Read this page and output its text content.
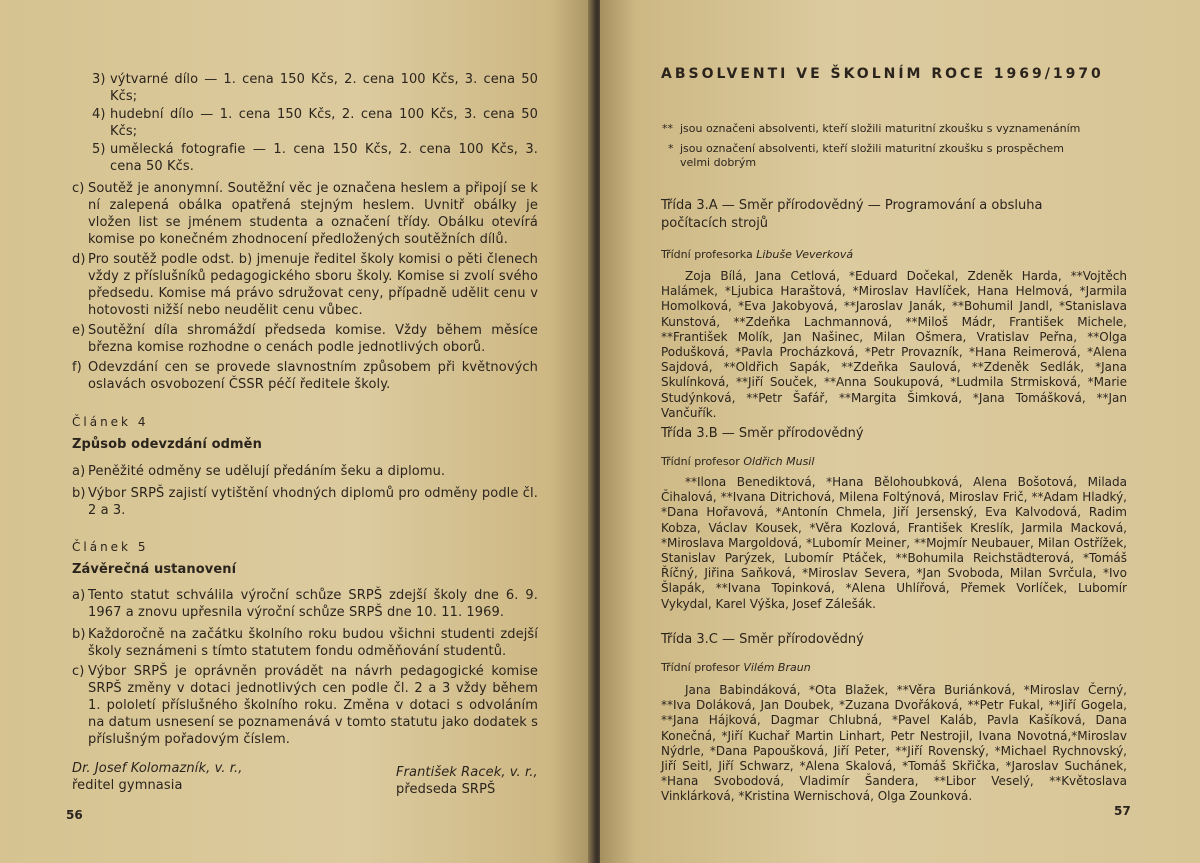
3) výtvarné dílo — 1. cena 150 Kčs, 2. cena 100 Kčs, 3. cena 50 Kčs;
4) hudební dílo — 1. cena 150 Kčs, 2. cena 100 Kčs, 3. cena 50 Kčs;
5) umělecká fotografie — 1. cena 150 Kčs, 2. cena 100 Kčs, 3. cena 50 Kčs.
c) Soutěž je anonymní. Soutěžní věc je označena heslem a připojí se k ní zalepená obálka opatřená stejným heslem. Uvnitř obálky je vložen list se jménem studenta a označení třídy. Obálku otevírá komise po konečném zhodnocení předložených soutěžních dílů.
d) Pro soutěž podle odst. b) jmenuje ředitel školy komisi o pěti členech vždy z příslušníků pedagogického sboru školy. Komise si zvolí svého předsedu. Komise má právo sdružovat ceny, případně udělit cenu v hotovosti nižší nebo neudělit cenu vůbec.
e) Soutěžní díla shromáždí předseda komise. Vždy během měsíce března komise rozhodne o cenách podle jednotlivých oborů.
f) Odevzdání cen se provede slavnostním způsobem při květnových oslavách osvobození ČSSR péčí ředitele školy.
Článek 4
Způsob odevzdání odměn
a) Peněžité odměny se udělují předáním šeku a diplomu.
b) Výbor SRPŠ zajistí vytištění vhodných diplomů pro odměny podle čl. 2 a 3.
Článek 5
Závěrečná ustanovení
a) Tento statut schválila výroční schůze SRPŠ zdejší školy dne 6. 9. 1967 a znovu upřesnila výroční schůze SRPŠ dne 10. 11. 1969.
b) Každoročně na začátku školního roku budou všichni studenti zdejší školy seznámeni s tímto statutem fondu odměňování studentů.
c) Výbor SRPŠ je oprávněn provádět na návrh pedagogické komise SRPŠ změny v dotaci jednotlivých cen podle čl. 2 a 3 vždy během 1. pololetí příslušného školního roku. Změna v dotaci s odvoláním na datum usnesení se poznamenává v tomto statutu jako dodatek s příslušným pořadovým číslem.
Dr. Josef Kolomazník, v. r.,
ředitel gymnasia
František Racek, v. r.,
předseda SRPŠ
56
ABSOLVENTI VE ŠKOLNÍM ROCE 1969/1970
** jsou označeni absolventi, kteří složili maturitní zkoušku s vyznamenáním
* jsou označení absolventi, kteří složili maturitní zkoušku s prospěchem velmi dobrým
Třída 3.A — Směr přírodovědný — Programování a obsluha počítacích strojů
Třídní profesorka Libuše Veverková
Zoja Bílá, Jana Cetlová, *Eduard Dočekal, Zdeněk Harda, **Vojtěch Halámek, *Ljubica Haraštová, *Miroslav Havlíček, Hana Helmová, *Jarmila Homolková, *Eva Jakobyová, **Jaroslav Janák, **Bohumil Jandl, *Stanislava Kunstová, **Zdeňka Lachmannová, **Miloš Mádr, František Michele, **František Molík, Jan Našinec, Milan Ošmera, Vratislav Peřna, **Olga Podušková, *Pavla Procházková, *Petr Provazník, *Hana Reimerová, *Alena Sajdová, **Oldřich Sapák, **Zdeňka Saulová, **Zdeněk Sedlák, *Jana Skulínková, **Jiří Souček, **Anna Soukupová, *Ludmila Strmisková, *Marie Studýnková, **Petr Šafář, **Margita Šimková, *Jana Tomášková, **Jan Vančuřík.
Třída 3.B — Směr přírodovědný
Třídní profesor Oldřich Musil
**Ilona Benediktová, *Hana Bělohoubková, Alena Bošotová, Milada Čihalová, **Ivana Ditrichová, Milena Foltýnová, Miroslav Frič, **Adam Hladký, *Dana Hořavová, *Antonín Chmela, Jiří Jersenský, Eva Kalvodová, Radim Kobza, Václav Kousek, *Věra Kozlová, František Kreslík, Jarmila Macková, *Miroslava Margoldová, *Lubomír Meiner, **Mojmír Neubauer, Milan Ostřížek, Stanislav Parýzek, Lubomír Ptáček, **Bohumila Reichstädterová, *Tomáš Říčný, Jiřina Saňková, *Miroslav Severa, *Jan Svoboda, Milan Svrčula, *Ivo Šlapák, **Ivana Topinková, *Alena Uhlířová, Přemek Vorlíček, Lubomír Vykydal, Karel Výška, Josef Zálešák.
Třída 3.C — Směr přírodovědný
Třídní profesor Vilém Braun
Jana Babindáková, *Ota Blažek, **Věra Buriánková, *Miroslav Černý, **Iva Doláková, Jan Doubek, *Zuzana Dvořáková, **Petr Fukal, **Jiří Gogela, **Jana Hájková, Dagmar Chlubná, *Pavel Kaláb, Pavla Kašíková, Dana Konečná, *Jiří Kuchař Martin Linhart, Petr Nestrojil, Ivana Novotná,*Miroslav Nýdrle, *Dana Papoušková, Jiří Peter, **Jiří Rovenský, *Michael Rychnovský, Jiří Seitl, Jiří Schwarz, *Alena Skalová, *Tomáš Skřička, *Jaroslav Suchánek, *Hana Svobodová, Vladimír Šandera, **Libor Veselý, **Květoslava Vinklárková, *Kristina Wernischová, Olga Zounková.
57
